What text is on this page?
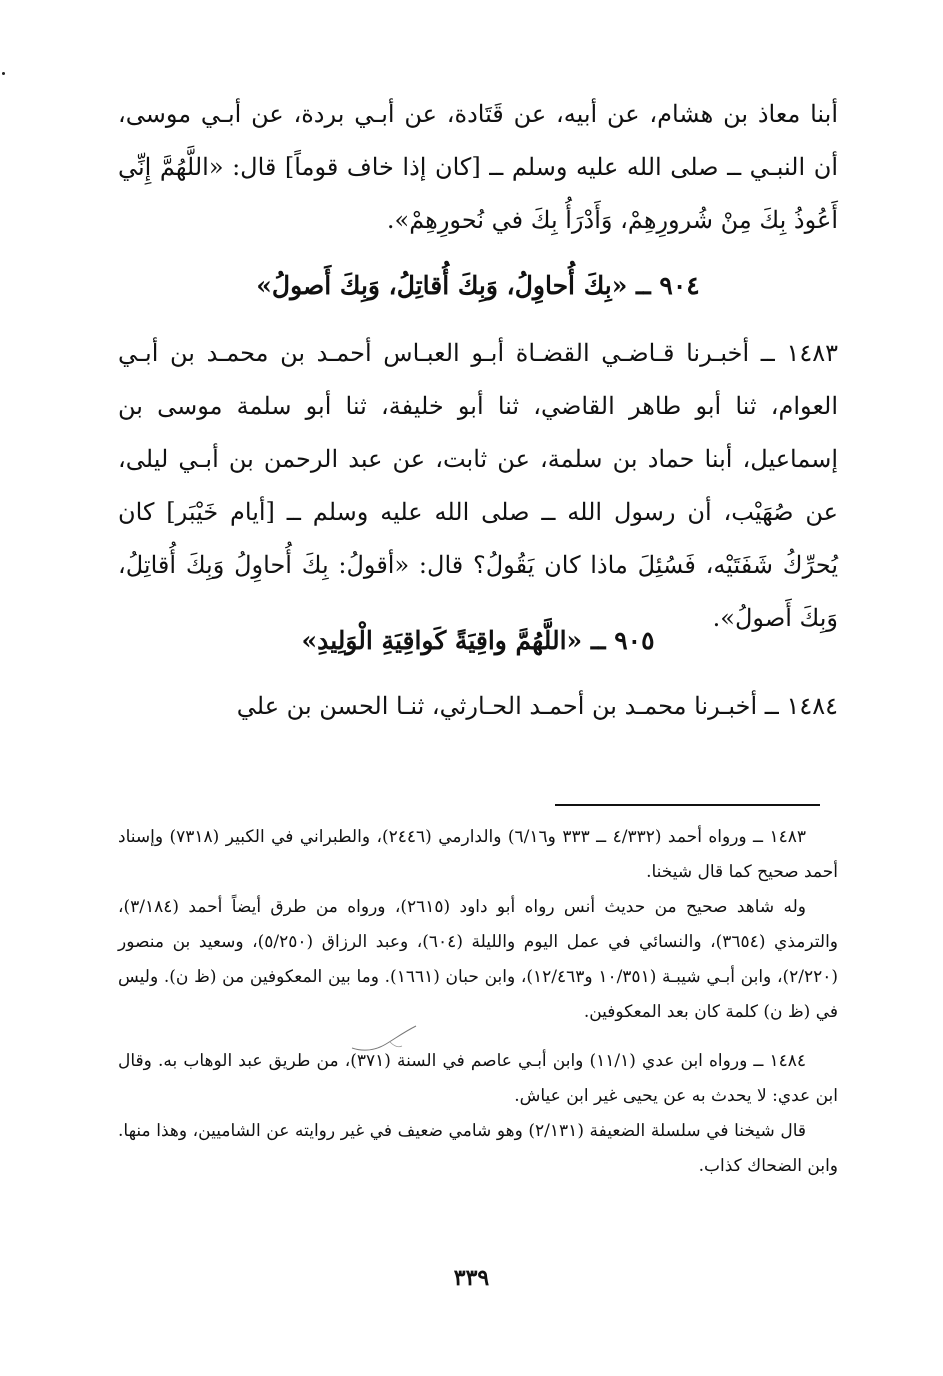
أبنا معاذ بن هشام، عن أبيه، عن قَتَادة، عن أبـي بردة، عن أبـي موسى، أن النبـي ــ صلى الله عليه وسلم ــ [كان إذا خاف قوماً] قال: «اللَّهُمَّ إِنِّي أَعُوذُ بِكَ مِنْ شُرورِهِمْ، وَأَدْرَأُ بِكَ في نُحورِهِمْ».

٩٠٤ ــ «بِكَ أُحاوِلُ، وَبِكَ أُقاتِلُ، وَبِكَ أَصولُ»

١٤٨٣ ــ أخبـرنا قـاضـي القضـاة أبـو العبـاس أحمـد بن محمـد بن أبـي العوام، ثنا أبو طاهر القاضي، ثنا أبو خليفة، ثنا أبو سلمة موسى بن إسماعيل، أبنا حماد بن سلمة، عن ثابت، عن عبد الرحمن بن أبـي ليلى، عن صُهَيْب، أن رسول الله ــ صلى الله عليه وسلم ــ [أيام خَيْبَر] كان يُحرِّكُ شَفَتَيْه، فَسُئِلَ ماذا كان يَقُولُ؟ قال: «أقولُ: بِكَ أُحاوِلُ وَبِكَ أُقاتِلُ، وَبِكَ أَصولُ».

٩٠٥ ــ «اللَّهُمَّ واقِيَةً كَواقِيَةِ الْوَلِيدِ»

١٤٨٤ ــ أخبـرنا محمـد بن أحمـد الحـارثي، ثنـا الحسن بن علي

١٤٨٣ ــ ورواه أحمد (٤/٣٣٢ ــ ٣٣٣ و٦/١٦) والدارمي (٢٤٤٦)، والطبراني في الكبير (٧٣١٨) وإسناد أحمد صحيح كما قال شيخنا.

وله شاهد صحيح من حديث أنس رواه أبو داود (٢٦١٥)، ورواه من طرق أيضاً أحمد (٣/١٨٤)، والترمذي (٣٦٥٤)، والنسائي في عمل اليوم والليلة (٦٠٤)، وعبد الرزاق (٥/٢٥٠)، وسعيد بن منصور (٢/٢٢٠)، وابن أبـي شيبـة (١٠/٣٥١ و١٢/٤٦٣)، وابن حبان (١٦٦١). وما بين المعكوفين من (ظ ن). وليس في (ظ ن) كلمة كان بعد المعكوفين.

١٤٨٤ ــ ورواه ابن عدي (١١/١) وابن أبـي عاصم في السنة (٣٧١)، من طريق عبد الوهاب به. وقال ابن عدي: لا يحدث به عن يحيى غير ابن عياش.

قال شيخنا في سلسلة الضعيفة (٢/١٣١) وهو شامي ضعيف في غير روايته عن الشاميين، وهذا منها. وابن الضحاك كذاب.

٣٣٩
